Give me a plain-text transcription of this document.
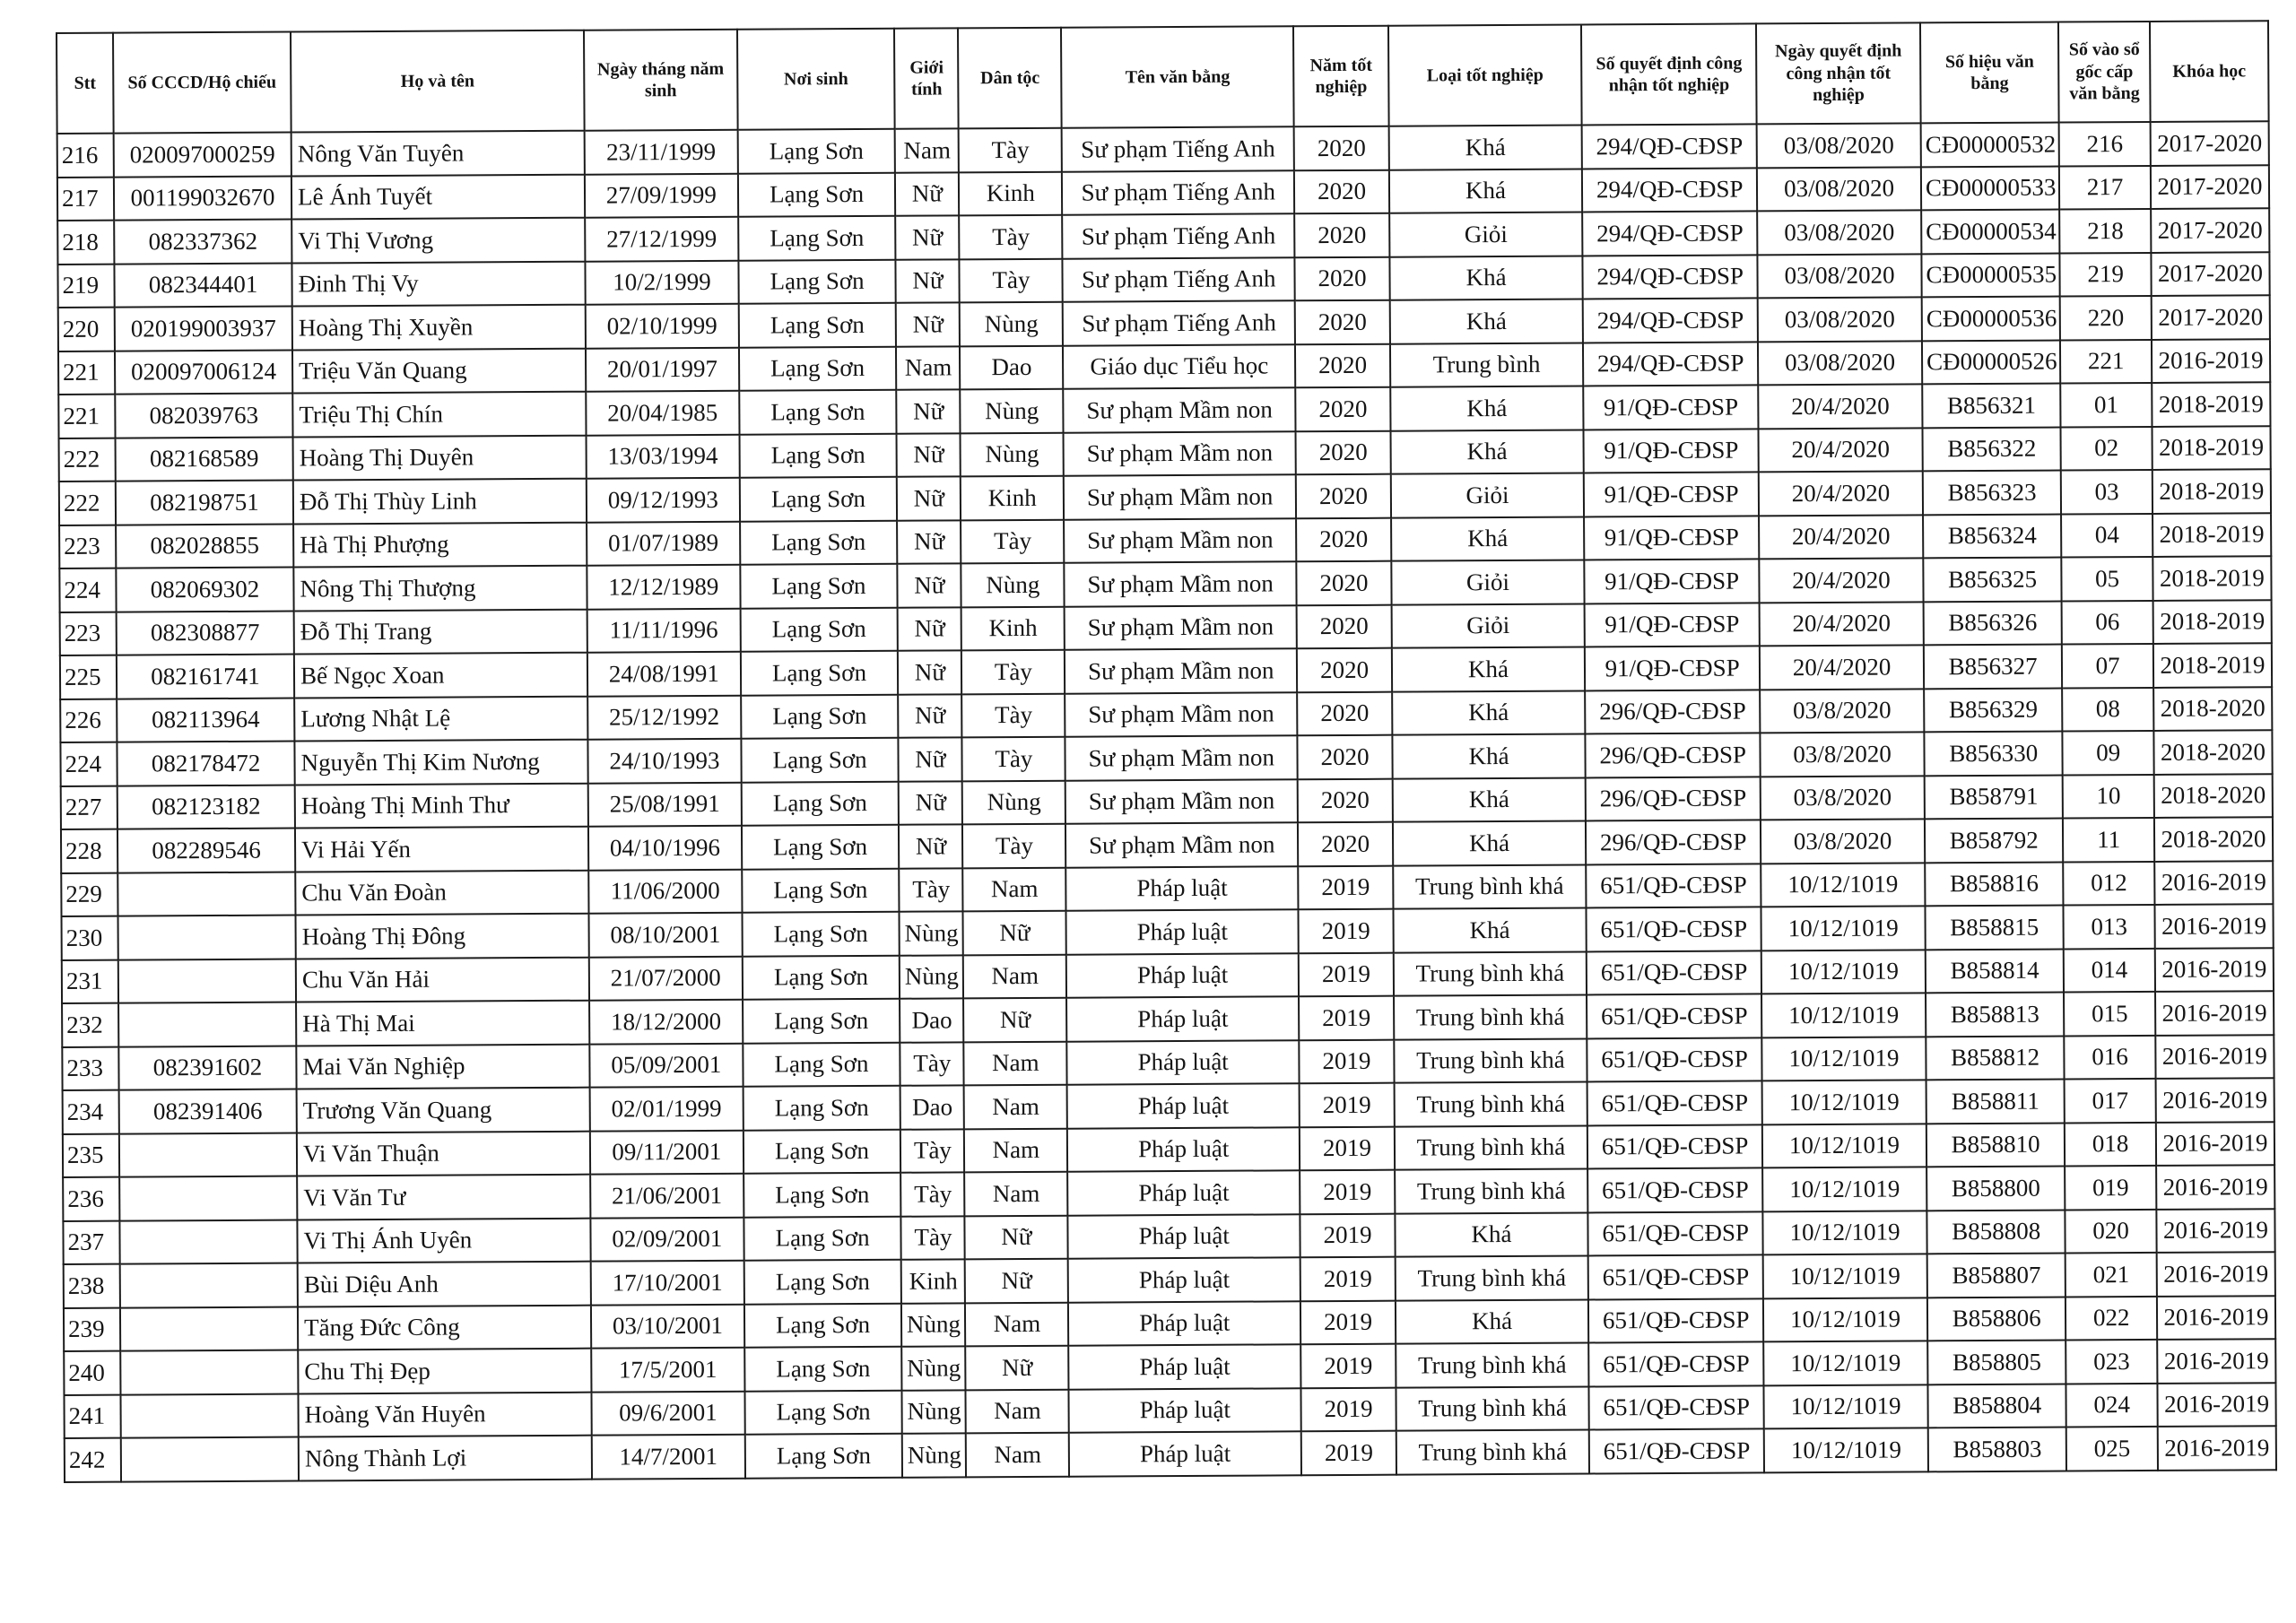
Stt	Số CCCD/Hộ chiếu	Họ và tên	Ngày tháng năm sinh	Nơi sinh	Giới tính	Dân tộc	Tên văn bằng	Năm tốt nghiệp	Loại tốt nghiệp	Số quyết định công nhận tốt nghiệp	Ngày quyết định công nhận tốt nghiệp	Số hiệu văn bằng	Số vào sổ gốc cấp văn bằng	Khóa học
216	020097000259	Nông Văn Tuyên	23/11/1999	Lạng Sơn	Nam	Tày	Sư phạm Tiếng Anh	2020	Khá	294/QĐ-CĐSP	03/08/2020	CĐ00000532	216	2017-2020
217	001199032670	Lê Ánh Tuyết	27/09/1999	Lạng Sơn	Nữ	Kinh	Sư phạm Tiếng Anh	2020	Khá	294/QĐ-CĐSP	03/08/2020	CĐ00000533	217	2017-2020
218	082337362	Vi Thị Vương	27/12/1999	Lạng Sơn	Nữ	Tày	Sư phạm Tiếng Anh	2020	Giỏi	294/QĐ-CĐSP	03/08/2020	CĐ00000534	218	2017-2020
219	082344401	Đinh Thị Vy	10/2/1999	Lạng Sơn	Nữ	Tày	Sư phạm Tiếng Anh	2020	Khá	294/QĐ-CĐSP	03/08/2020	CĐ00000535	219	2017-2020
220	020199003937	Hoàng Thị Xuyền	02/10/1999	Lạng Sơn	Nữ	Nùng	Sư phạm Tiếng Anh	2020	Khá	294/QĐ-CĐSP	03/08/2020	CĐ00000536	220	2017-2020
221	020097006124	Triệu Văn Quang	20/01/1997	Lạng Sơn	Nam	Dao	Giáo dục Tiểu học	2020	Trung bình	294/QĐ-CĐSP	03/08/2020	CĐ00000526	221	2016-2019
221	082039763	Triệu Thị Chín	20/04/1985	Lạng Sơn	Nữ	Nùng	Sư phạm Mầm non	2020	Khá	91/QĐ-CĐSP	20/4/2020	B856321	01	2018-2019
222	082168589	Hoàng Thị Duyên	13/03/1994	Lạng Sơn	Nữ	Nùng	Sư phạm Mầm non	2020	Khá	91/QĐ-CĐSP	20/4/2020	B856322	02	2018-2019
222	082198751	Đỗ Thị Thùy Linh	09/12/1993	Lạng Sơn	Nữ	Kinh	Sư phạm Mầm non	2020	Giỏi	91/QĐ-CĐSP	20/4/2020	B856323	03	2018-2019
223	082028855	Hà Thị Phượng	01/07/1989	Lạng Sơn	Nữ	Tày	Sư phạm Mầm non	2020	Khá	91/QĐ-CĐSP	20/4/2020	B856324	04	2018-2019
224	082069302	Nông Thị Thượng	12/12/1989	Lạng Sơn	Nữ	Nùng	Sư phạm Mầm non	2020	Giỏi	91/QĐ-CĐSP	20/4/2020	B856325	05	2018-2019
223	082308877	Đỗ Thị Trang	11/11/1996	Lạng Sơn	Nữ	Kinh	Sư phạm Mầm non	2020	Giỏi	91/QĐ-CĐSP	20/4/2020	B856326	06	2018-2019
225	082161741	Bế Ngọc Xoan	24/08/1991	Lạng Sơn	Nữ	Tày	Sư phạm Mầm non	2020	Khá	91/QĐ-CĐSP	20/4/2020	B856327	07	2018-2019
226	082113964	Lương Nhật Lệ	25/12/1992	Lạng Sơn	Nữ	Tày	Sư phạm Mầm non	2020	Khá	296/QĐ-CĐSP	03/8/2020	B856329	08	2018-2020
224	082178472	Nguyễn Thị Kim Nương	24/10/1993	Lạng Sơn	Nữ	Tày	Sư phạm Mầm non	2020	Khá	296/QĐ-CĐSP	03/8/2020	B856330	09	2018-2020
227	082123182	Hoàng Thị Minh Thư	25/08/1991	Lạng Sơn	Nữ	Nùng	Sư phạm Mầm non	2020	Khá	296/QĐ-CĐSP	03/8/2020	B858791	10	2018-2020
228	082289546	Vi Hải Yến	04/10/1996	Lạng Sơn	Nữ	Tày	Sư phạm Mầm non	2020	Khá	296/QĐ-CĐSP	03/8/2020	B858792	11	2018-2020
229		Chu Văn Đoàn	11/06/2000	Lạng Sơn	Tày	Nam	Pháp luật	2019	Trung bình khá	651/QĐ-CĐSP	10/12/1019	B858816	012	2016-2019
230		Hoàng Thị Đông	08/10/2001	Lạng Sơn	Nùng	Nữ	Pháp luật	2019	Khá	651/QĐ-CĐSP	10/12/1019	B858815	013	2016-2019
231		Chu Văn Hải	21/07/2000	Lạng Sơn	Nùng	Nam	Pháp luật	2019	Trung bình khá	651/QĐ-CĐSP	10/12/1019	B858814	014	2016-2019
232		Hà Thị Mai	18/12/2000	Lạng Sơn	Dao	Nữ	Pháp luật	2019	Trung bình khá	651/QĐ-CĐSP	10/12/1019	B858813	015	2016-2019
233	082391602	Mai Văn Nghiệp	05/09/2001	Lạng Sơn	Tày	Nam	Pháp luật	2019	Trung bình khá	651/QĐ-CĐSP	10/12/1019	B858812	016	2016-2019
234	082391406	Trương Văn Quang	02/01/1999	Lạng Sơn	Dao	Nam	Pháp luật	2019	Trung bình khá	651/QĐ-CĐSP	10/12/1019	B858811	017	2016-2019
235		Vi Văn Thuận	09/11/2001	Lạng Sơn	Tày	Nam	Pháp luật	2019	Trung bình khá	651/QĐ-CĐSP	10/12/1019	B858810	018	2016-2019
236		Vi Văn Tư	21/06/2001	Lạng Sơn	Tày	Nam	Pháp luật	2019	Trung bình khá	651/QĐ-CĐSP	10/12/1019	B858800	019	2016-2019
237		Vi Thị Ánh Uyên	02/09/2001	Lạng Sơn	Tày	Nữ	Pháp luật	2019	Khá	651/QĐ-CĐSP	10/12/1019	B858808	020	2016-2019
238		Bùi Diệu Anh	17/10/2001	Lạng Sơn	Kinh	Nữ	Pháp luật	2019	Trung bình khá	651/QĐ-CĐSP	10/12/1019	B858807	021	2016-2019
239		Tăng Đức Công	03/10/2001	Lạng Sơn	Nùng	Nam	Pháp luật	2019	Khá	651/QĐ-CĐSP	10/12/1019	B858806	022	2016-2019
240		Chu Thị Đẹp	17/5/2001	Lạng Sơn	Nùng	Nữ	Pháp luật	2019	Trung bình khá	651/QĐ-CĐSP	10/12/1019	B858805	023	2016-2019
241		Hoàng Văn Huyên	09/6/2001	Lạng Sơn	Nùng	Nam	Pháp luật	2019	Trung bình khá	651/QĐ-CĐSP	10/12/1019	B858804	024	2016-2019
242		Nông Thành Lợi	14/7/2001	Lạng Sơn	Nùng	Nam	Pháp luật	2019	Trung bình khá	651/QĐ-CĐSP	10/12/1019	B858803	025	2016-2019
